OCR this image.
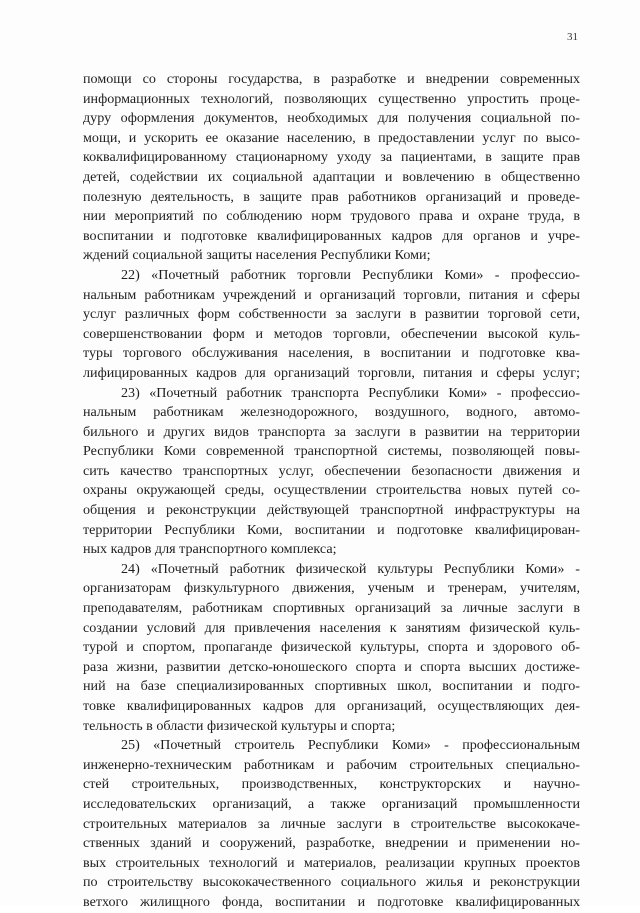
31
помощи со стороны государства, в разработке и внедрении современных
информационных технологий, позволяющих существенно упростить проце-
дуру оформления документов, необходимых для получения социальной по-
мощи, и ускорить ее оказание населению, в предоставлении услуг по высо-
коквалифицированному стационарному уходу за пациентами, в защите прав
детей, содействии их социальной адаптации и вовлечению в общественно
полезную деятельность, в защите прав работников организаций и проведе-
нии мероприятий по соблюдению норм трудового права и охране труда, в
воспитании и подготовке квалифицированных кадров для органов и учре-
ждений социальной защиты населения Республики Коми;
22) «Почетный работник торговли Республики Коми» - профессио-
нальным работникам учреждений и организаций торговли, питания и сферы
услуг различных форм собственности за заслуги в развитии торговой сети,
совершенствовании форм и методов торговли, обеспечении высокой куль-
туры торгового обслуживания населения, в воспитании и подготовке ква-
лифицированных кадров для организаций торговли, питания и сферы услуг;
23) «Почетный работник транспорта Республики Коми» - профессио-
нальным работникам железнодорожного, воздушного, водного, автомо-
бильного и других видов транспорта за заслуги в развитии на территории
Республики Коми современной транспортной системы, позволяющей повы-
сить качество транспортных услуг, обеспечении безопасности движения и
охраны окружающей среды, осуществлении строительства новых путей со-
общения и реконструкции действующей транспортной инфраструктуры на
территории Республики Коми, воспитании и подготовке квалифицирован-
ных кадров для транспортного комплекса;
24) «Почетный работник физической культуры Республики Коми» -
организаторам физкультурного движения, ученым и тренерам, учителям,
преподавателям, работникам спортивных организаций за личные заслуги в
создании условий для привлечения населения к занятиям физической куль-
турой и спортом, пропаганде физической культуры, спорта и здорового об-
раза жизни, развитии детско-юношеского спорта и спорта высших достиже-
ний на базе специализированных спортивных школ, воспитании и подго-
товке квалифицированных кадров для организаций, осуществляющих дея-
тельность в области физической культуры и спорта;
25) «Почетный строитель Республики Коми» - профессиональным
инженерно-техническим работникам и рабочим строительных специально-
стей строительных, производственных, конструкторских и научно-
исследовательских организаций, а также организаций промышленности
строительных материалов за личные заслуги в строительстве высококаче-
ственных зданий и сооружений, разработке, внедрении и применении но-
вых строительных технологий и материалов, реализации крупных проектов
по строительству высококачественного социального жилья и реконструкции
ветхого жилищного фонда, воспитании и подготовке квалифицированных
